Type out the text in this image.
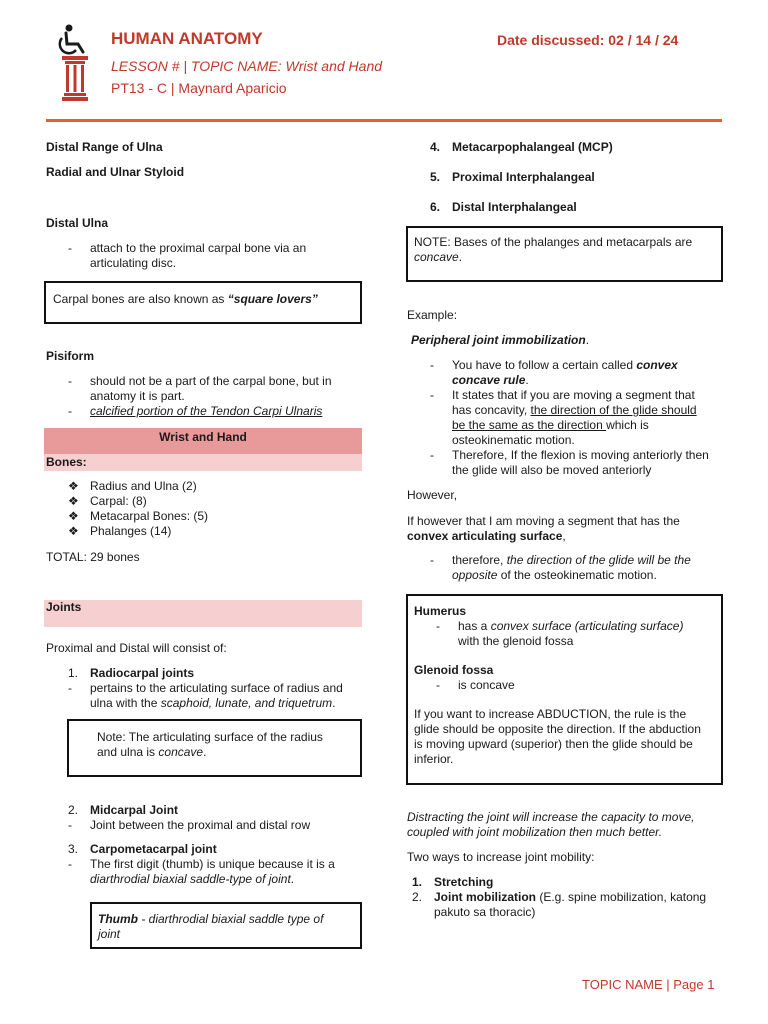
HUMAN ANATOMY	Date discussed: 02 / 14 / 24
LESSON # | TOPIC NAME: Wrist and Hand
PT13 - C | Maynard Aparicio
Distal Range of Ulna
Radial and Ulnar Styloid
Distal Ulna
- attach to the proximal carpal bone via an
articulating disc.
Carpal bones are also known as “square lovers”
Pisiform
- should not be a part of the carpal bone, but in
anatomy it is part.
- calcified portion of the Tendon Carpi Ulnaris
Wrist and Hand
Bones:
❖ Radius and Ulna (2)
❖ Carpal: (8)
❖ Metacarpal Bones: (5)
❖ Phalanges (14)
TOTAL: 29 bones
Joints
Proximal and Distal will consist of:
1. Radiocarpal joints
- pertains to the articulating surface of radius and
ulna with the scaphoid, lunate, and triquetrum.
Note: The articulating surface of the radius
and ulna is concave.
2. Midcarpal Joint
- Joint between the proximal and distal row
3. Carpometacarpal joint
- The first digit (thumb) is unique because it is a
diarthrodial biaxial saddle-type of joint.
Thumb - diarthrodial biaxial saddle type of
joint
4. Metacarpophalangeal (MCP)
5. Proximal Interphalangeal
6. Distal Interphalangeal
NOTE: Bases of the phalanges and metacarpals are
concave.
Example:
Peripheral joint immobilization.
- You have to follow a certain called convex
concave rule.
- It states that if you are moving a segment that
has concavity, the direction of the glide should
be the same as the direction which is
osteokinematic motion.
- Therefore, If the flexion is moving anteriorly then
the glide will also be moved anteriorly
However,
If however that I am moving a segment that has the
convex articulating surface,
- therefore, the direction of the glide will be the
opposite of the osteokinematic motion.
Humerus
- has a convex surface (articulating surface)
with the glenoid fossa
Glenoid fossa
- is concave
If you want to increase ABDUCTION, the rule is the
glide should be opposite the direction. If the abduction
is moving upward (superior) then the glide should be
inferior.
Distracting the joint will increase the capacity to move,
coupled with joint mobilization then much better.
Two ways to increase joint mobility:
1. Stretching
2. Joint mobilization (E.g. spine mobilization, katong
pakuto sa thoracic)
TOPIC NAME | Page 1
